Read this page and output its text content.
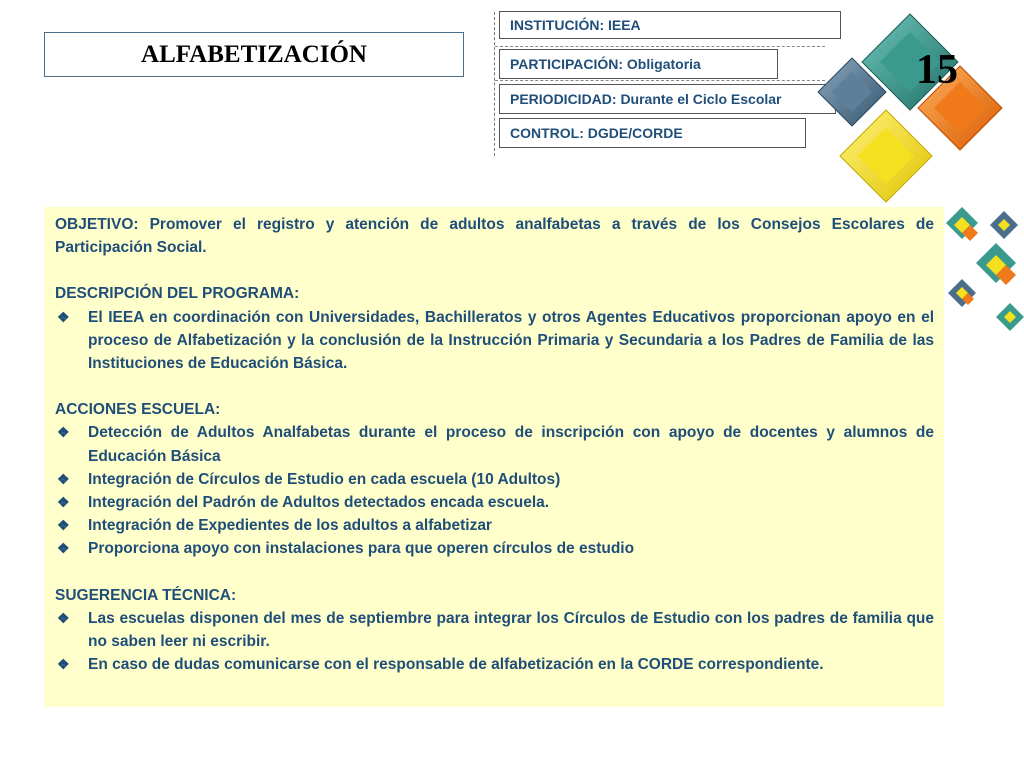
ALFABETIZACIÓN
INSTITUCIÓN: IEEA
PARTICIPACIÓN: Obligatoria
PERIODICIDAD: Durante el Ciclo Escolar
CONTROL: DGDE/CORDE
15

OBJETIVO: Promover el registro y atención de adultos analfabetas a través de los Consejos Escolares de Participación Social.

DESCRIPCIÓN DEL PROGRAMA:

❖ El IEEA en coordinación con Universidades, Bachilleratos y otros Agentes Educativos proporcionan apoyo en el proceso de Alfabetización y la conclusión de la Instrucción Primaria y Secundaria a los Padres de Familia de las Instituciones de Educación Básica.

ACCIONES ESCUELA:

❖ Detección de Adultos Analfabetas durante el proceso de inscripción con apoyo de docentes y alumnos de Educación Básica
❖ Integración de Círculos de Estudio en cada escuela (10 Adultos)
❖ Integración del Padrón de Adultos detectados encada escuela.
❖ Integración de Expedientes de los adultos a alfabetizar
❖ Proporciona apoyo con instalaciones para que operen círculos de estudio

SUGERENCIA TÉCNICA:

❖ Las escuelas disponen del mes de septiembre para integrar los Círculos de Estudio con los padres de familia que no saben leer ni escribir.
❖ En caso de dudas comunicarse con el responsable de alfabetización en la CORDE correspondiente.
